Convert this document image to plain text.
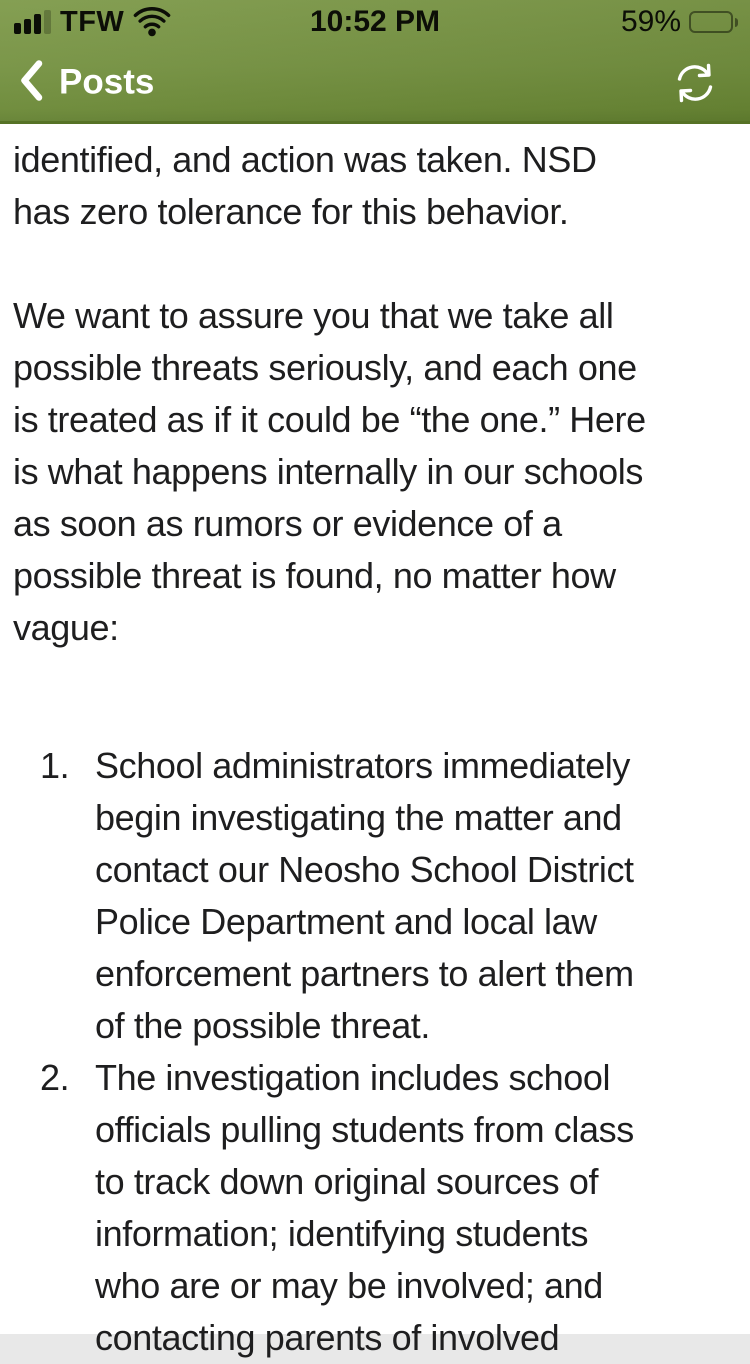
TFW	10:52 PM	59%
Posts
identified, and action was taken. NSD
has zero tolerance for this behavior.
We want to assure you that we take all
possible threats seriously, and each one
is treated as if it could be “the one.” Here
is what happens internally in our schools
as soon as rumors or evidence of a
possible threat is found, no matter how
vague:
1. School administrators immediately
begin investigating the matter and
contact our Neosho School District
Police Department and local law
enforcement partners to alert them
of the possible threat.
2. The investigation includes school
officials pulling students from class
to track down original sources of
information; identifying students
who are or may be involved; and
contacting parents of involved
